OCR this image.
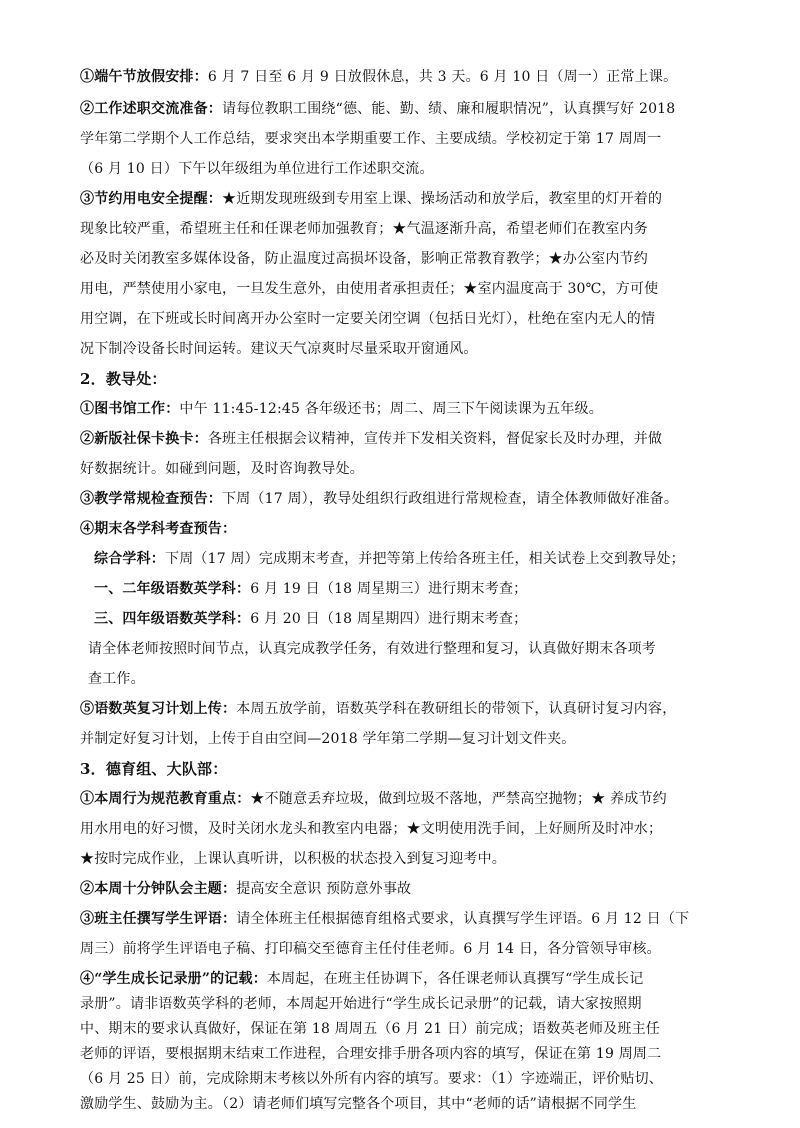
①端午节放假安排：6 月 7 日至 6 月 9 日放假休息，共 3 天。6 月 10 日（周一）正常上课。
②工作述职交流准备：请每位教职工围绕“德、能、勤、绩、廉和履职情况”，认真撰写好 2018
学年第二学期个人工作总结，要求突出本学期重要工作、主要成绩。学校初定于第 17 周周一
（6 月 10 日）下午以年级组为单位进行工作述职交流。
③节约用电安全提醒：★近期发现班级到专用室上课、操场活动和放学后，教室里的灯开着的
现象比较严重，希望班主任和任课老师加强教育；★气温逐渐升高，希望老师们在教室内务
必及时关闭教室多媒体设备，防止温度过高损坏设备，影响正常教育教学；★办公室内节约
用电，严禁使用小家电，一旦发生意外，由使用者承担责任；★室内温度高于 30℃，方可使
用空调，在下班或长时间离开办公室时一定要关闭空调（包括日光灯），杜绝在室内无人的情
况下制冷设备长时间运转。建议天气凉爽时尽量采取开窗通风。
2．教导处：
①图书馆工作：中午 11:45-12:45 各年级还书；周二、周三下午阅读课为五年级。
②新版社保卡换卡：各班主任根据会议精神，宣传并下发相关资料，督促家长及时办理，并做
好数据统计。如碰到问题，及时咨询教导处。
③教学常规检查预告：下周（17 周），教导处组织行政组进行常规检查，请全体教师做好准备。
④期末各学科考查预告：
综合学科：下周（17 周）完成期末考查，并把等第上传给各班主任，相关试卷上交到教导处；
一、二年级语数英学科：6 月 19 日（18 周星期三）进行期末考查；
三、四年级语数英学科：6 月 20 日（18 周星期四）进行期末考查；
请全体老师按照时间节点，认真完成教学任务，有效进行整理和复习，认真做好期末各项考
查工作。
⑤语数英复习计划上传：本周五放学前，语数英学科在教研组长的带领下，认真研讨复习内容，
并制定好复习计划，上传于自由空间—2018 学年第二学期—复习计划文件夹。
3．德育组、大队部：
①本周行为规范教育重点：★不随意丢弃垃圾，做到垃圾不落地，严禁高空抛物；★ 养成节约
用水用电的好习惯，及时关闭水龙头和教室内电器；★文明使用洗手间，上好厕所及时冲水；
★按时完成作业，上课认真听讲，以积极的状态投入到复习迎考中。
②本周十分钟队会主题：提高安全意识 预防意外事故
③班主任撰写学生评语：请全体班主任根据德育组格式要求，认真撰写学生评语。6 月 12 日（下
周三）前将学生评语电子稿、打印稿交至德育主任付佳老师。6 月 14 日，各分管领导审核。
④“学生成长记录册”的记载：本周起，在班主任协调下，各任课老师认真撰写“学生成长记
录册”。请非语数英学科的老师，本周起开始进行“学生成长记录册”的记载，请大家按照期
中、期末的要求认真做好，保证在第 18 周周五（6 月 21 日）前完成；语数英老师及班主任
老师的评语，要根据期末结束工作进程，合理安排手册各项内容的填写，保证在第 19 周周二
（6 月 25 日）前，完成除期末考核以外所有内容的填写。要求：（1）字迹端正，评价贴切、
激励学生、鼓励为主。（2）请老师们填写完整各个项目，其中“老师的话”请根据不同学生
